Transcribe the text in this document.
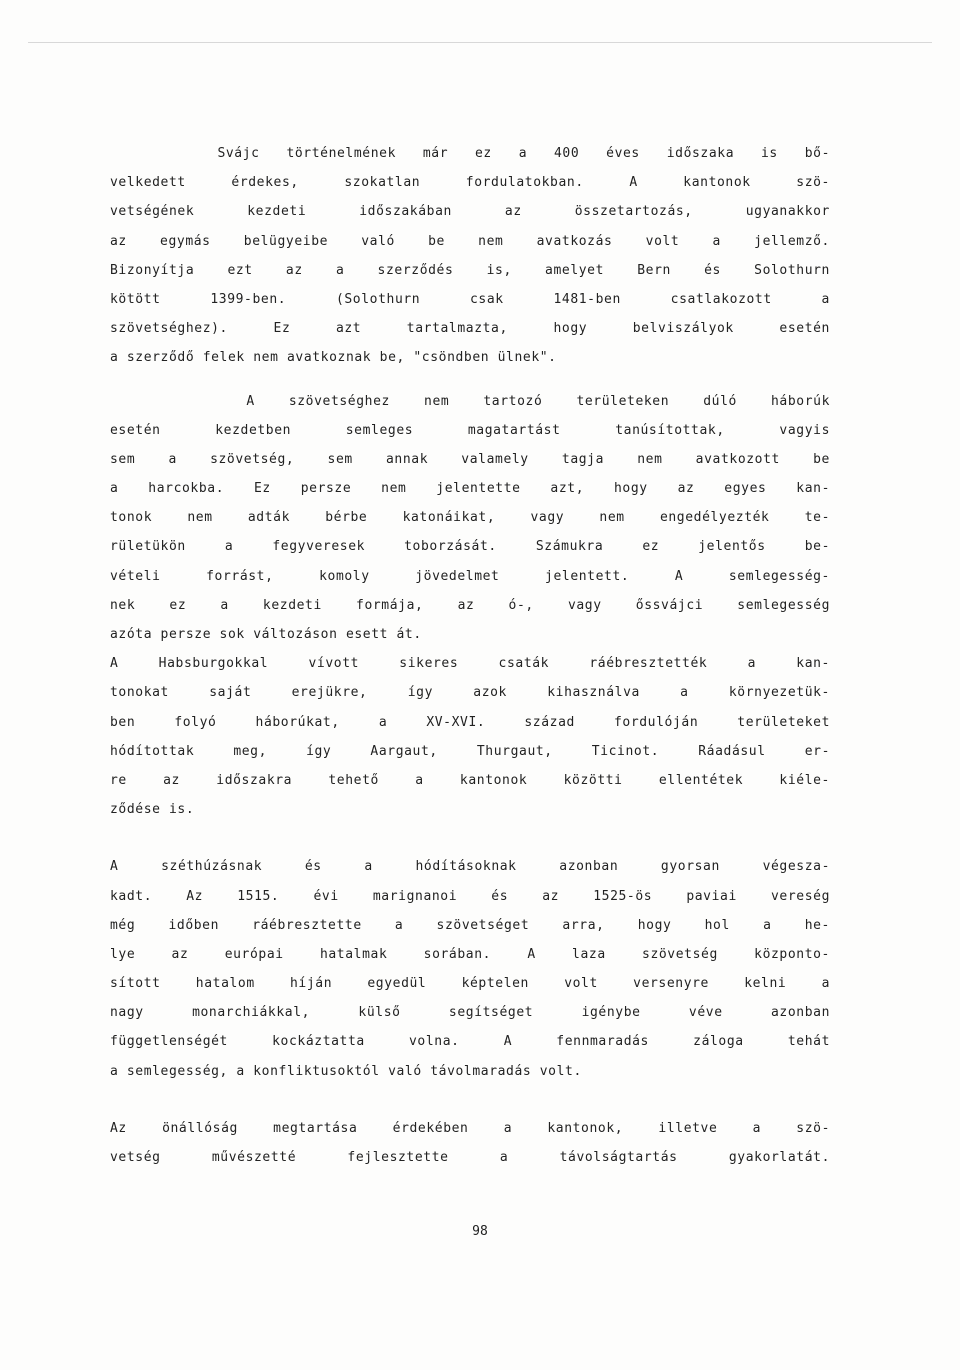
Svájc történelmének már ez a 400 éves időszaka is bő-
velkedett érdekes, szokatlan fordulatokban. A kantonok szö-
vetségének kezdeti időszakában az összetartozás, ugyanakkor
az egymás belügyeibe való be nem avatkozás volt a jellemző.
Bizonyítja ezt az a szerződés is, amelyet Bern és Solothurn
kötött 1399-ben. (Solothurn csak 1481-ben csatlakozott a
szövetséghez). Ez azt tartalmazta, hogy belviszályok esetén
a szerződő felek nem avatkoznak be, "csöndben ülnek".
A szövetséghez nem tartozó területeken dúló háborúk
esetén kezdetben semleges magatartást tanúsítottak, vagyis
sem a szövetség, sem annak valamely tagja nem avatkozott be
a harcokba. Ez persze nem jelentette azt, hogy az egyes kan-
tonok nem adták bérbe katonáikat, vagy nem engedélyezték te-
rületükön a fegyveresek toborzását. Számukra ez jelentős be-
vételi forrást, komoly jövedelmet jelentett. A semlegesség-
nek ez a kezdeti formája, az ó-, vagy őssvájci semlegesség
azóta persze sok változáson esett át.
A Habsburgokkal vívott sikeres csaták ráébresztették a kan-
tonokat saját erejükre, így azok kihasználva a környezetük-
ben folyó háborúkat, a XV-XVI. század fordulóján területeket
hódítottak meg, így Aargaut, Thurgaut, Ticinot. Ráadásul er-
re az időszakra tehető a kantonok közötti ellentétek kiéle-
ződése is.
A széthúzásnak és a hódításoknak azonban gyorsan végesza-
kadt. Az 1515. évi marignanoi és az 1525-ös paviai vereség
még időben ráébresztette a szövetséget arra, hogy hol a he-
lye az európai hatalmak sorában. A laza szövetség központo-
sított hatalom híján egyedül képtelen volt versenyre kelni a
nagy monarchiákkal, külső segítséget igénybe véve azonban
függetlenségét kockáztatta volna. A fennmaradás záloga tehát
a semlegesség, a konfliktusoktól való távolmaradás volt.
Az önállóság megtartása érdekében a kantonok, illetve a szö-
vetség művészetté fejlesztette a távolságtartás gyakorlatát.
98
